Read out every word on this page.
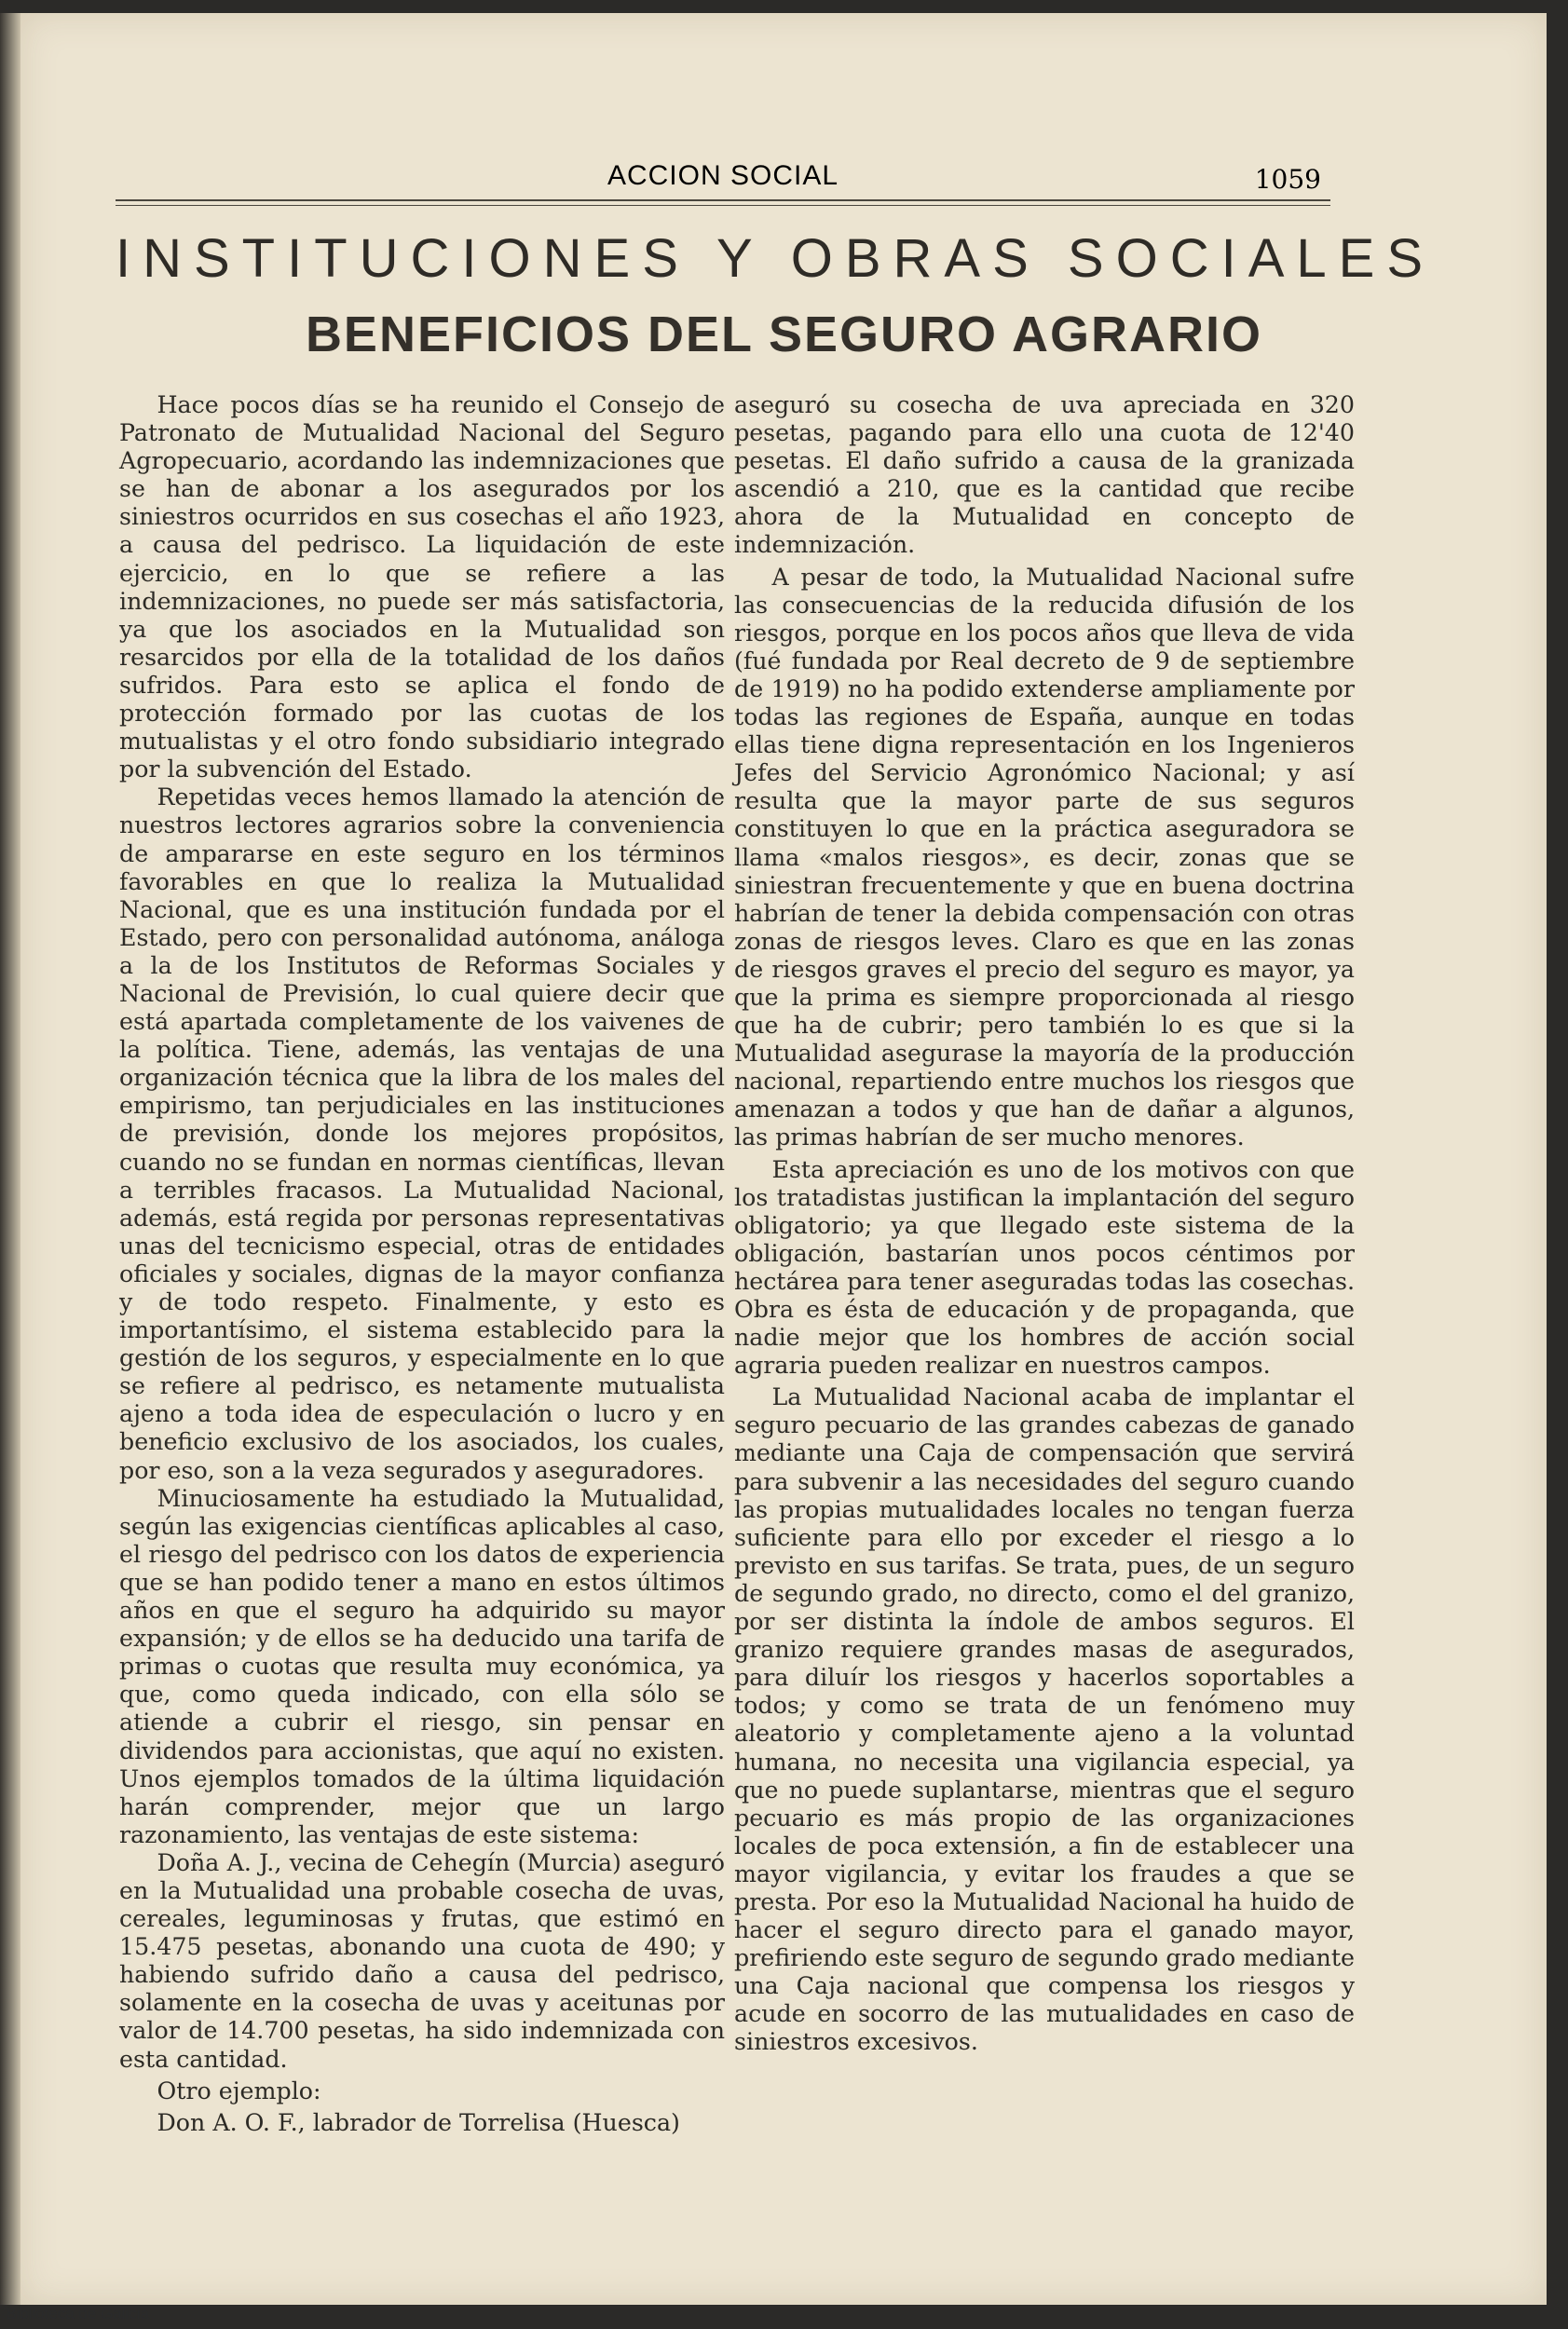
ACCION SOCIAL	1059
INSTITUCIONES Y OBRAS SOCIALES
BENEFICIOS DEL SEGURO AGRARIO

Hace pocos días se ha reunido el Consejo de Patronato de Mutualidad Nacional del Seguro Agropecuario, acordando las indemnizaciones que se han de abonar a los asegurados por los siniestros ocurridos en sus cosechas el año 1923, a causa del pedrisco. La liquidación de este ejercicio, en lo que se refiere a las indemnizaciones, no puede ser más satisfactoria, ya que los asociados en la Mutualidad son resarcidos por ella de la totalidad de los daños sufridos. Para esto se aplica el fondo de protección formado por las cuotas de los mutualistas y el otro fondo subsidiario integrado por la subvención del Estado.

Repetidas veces hemos llamado la atención de nuestros lectores agrarios sobre la conveniencia de ampararse en este seguro en los términos favorables en que lo realiza la Mutualidad Nacional, que es una institución fundada por el Estado, pero con personalidad autónoma, análoga a la de los Institutos de Reformas Sociales y Nacional de Previsión, lo cual quiere decir que está apartada completamente de los vaivenes de la política. Tiene, además, las ventajas de una organización técnica que la libra de los males del empirismo, tan perjudiciales en las instituciones de previsión, donde los mejores propósitos, cuando no se fundan en normas científicas, llevan a terribles fracasos. La Mutualidad Nacional, además, está regida por personas representativas unas del tecnicismo especial, otras de entidades oficiales y sociales, dignas de la mayor confianza y de todo respeto. Finalmente, y esto es importantísimo, el sistema establecido para la gestión de los seguros, y especialmente en lo que se refiere al pedrisco, es netamente mutualista ajeno a toda idea de especulación o lucro y en beneficio exclusivo de los asociados, los cuales, por eso, son a la veza segurados y aseguradores.

Minuciosamente ha estudiado la Mutualidad, según las exigencias científicas aplicables al caso, el riesgo del pedrisco con los datos de experiencia que se han podido tener a mano en estos últimos años en que el seguro ha adquirido su mayor expansión; y de ellos se ha deducido una tarifa de primas o cuotas que resulta muy económica, ya que, como queda indicado, con ella sólo se atiende a cubrir el riesgo, sin pensar en dividendos para accionistas, que aquí no existen. Unos ejemplos tomados de la última liquidación harán comprender, mejor que un largo razonamiento, las ventajas de este sistema:

Doña A. J., vecina de Cehegín (Murcia) aseguró en la Mutualidad una probable cosecha de uvas, cereales, leguminosas y frutas, que estimó en 15.475 pesetas, abonando una cuota de 490; y habiendo sufrido daño a causa del pedrisco, solamente en la cosecha de uvas y aceitunas por valor de 14.700 pesetas, ha sido indemnizada con esta cantidad.

Otro ejemplo:

Don A. O. F., labrador de Torrelisa (Huesca)

aseguró su cosecha de uva apreciada en 320 pesetas, pagando para ello una cuota de 12'40 pesetas. El daño sufrido a causa de la granizada ascendió a 210, que es la cantidad que recibe ahora de la Mutualidad en concepto de indemnización.

A pesar de todo, la Mutualidad Nacional sufre las consecuencias de la reducida difusión de los riesgos, porque en los pocos años que lleva de vida (fué fundada por Real decreto de 9 de septiembre de 1919) no ha podido extenderse ampliamente por todas las regiones de España, aunque en todas ellas tiene digna representación en los Ingenieros Jefes del Servicio Agronómico Nacional; y así resulta que la mayor parte de sus seguros constituyen lo que en la práctica aseguradora se llama «malos riesgos», es decir, zonas que se siniestran frecuentemente y que en buena doctrina habrían de tener la debida compensación con otras zonas de riesgos leves. Claro es que en las zonas de riesgos graves el precio del seguro es mayor, ya que la prima es siempre proporcionada al riesgo que ha de cubrir; pero también lo es que si la Mutualidad asegurase la mayoría de la producción nacional, repartiendo entre muchos los riesgos que amenazan a todos y que han de dañar a algunos, las primas habrían de ser mucho menores.

Esta apreciación es uno de los motivos con que los tratadistas justifican la implantación del seguro obligatorio; ya que llegado este sistema de la obligación, bastarían unos pocos céntimos por hectárea para tener aseguradas todas las cosechas. Obra es ésta de educación y de propaganda, que nadie mejor que los hombres de acción social agraria pueden realizar en nuestros campos.

La Mutualidad Nacional acaba de implantar el seguro pecuario de las grandes cabezas de ganado mediante una Caja de compensación que servirá para subvenir a las necesidades del seguro cuando las propias mutualidades locales no tengan fuerza suficiente para ello por exceder el riesgo a lo previsto en sus tarifas. Se trata, pues, de un seguro de segundo grado, no directo, como el del granizo, por ser distinta la índole de ambos seguros. El granizo requiere grandes masas de asegurados, para diluír los riesgos y hacerlos soportables a todos; y como se trata de un fenómeno muy aleatorio y completamente ajeno a la voluntad humana, no necesita una vigilancia especial, ya que no puede suplantarse, mientras que el seguro pecuario es más propio de las organizaciones locales de poca extensión, a fin de establecer una mayor vigilancia, y evitar los fraudes a que se presta. Por eso la Mutualidad Nacional ha huido de hacer el seguro directo para el ganado mayor, prefiriendo este seguro de segundo grado mediante una Caja nacional que compensa los riesgos y acude en socorro de las mutualidades en caso de siniestros excesivos.

Biblioteca de Galicia
